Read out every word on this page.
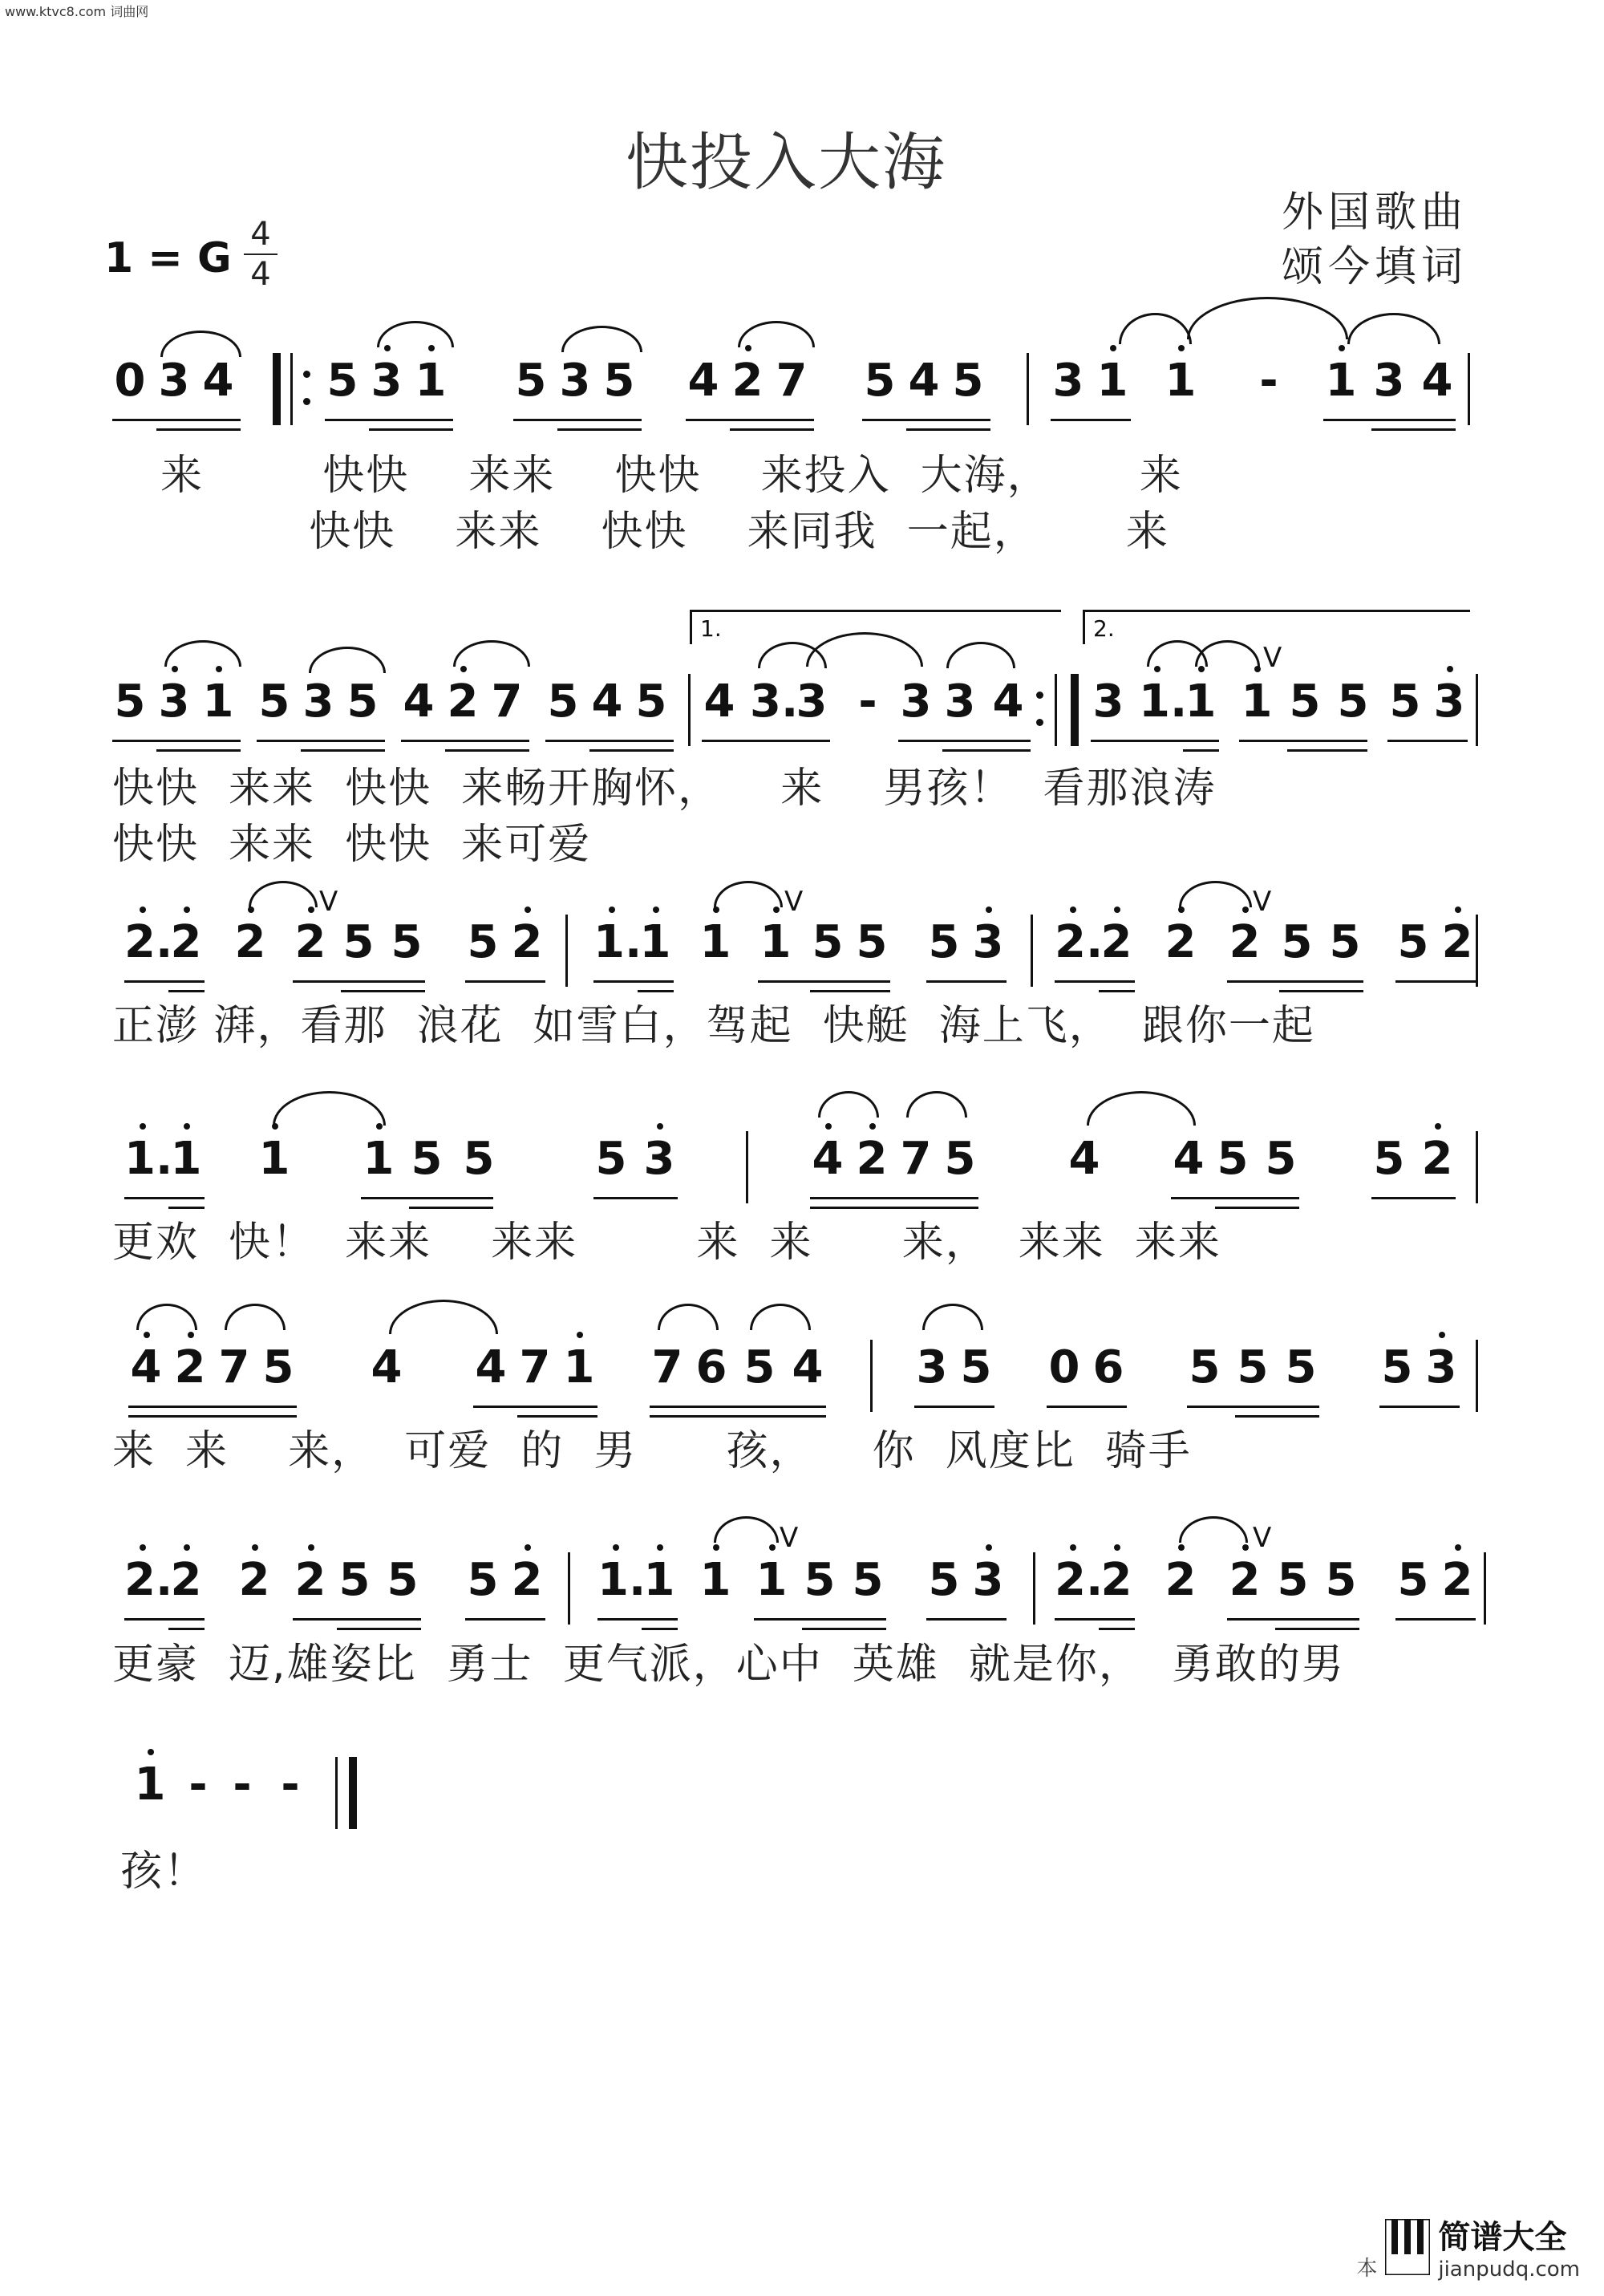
www.ktvc8.com 词曲网
快投入大海
外国歌曲
颂今填词
1 = G 4
4
0 3 4 5 3 1 5 3 5 4 2 7 5 4 5 3 1 1 - 1 3 4
来        快快    来来    快快    来投入  大海，      来
快快    来来    快快    来同我  一起，      来
1.	2.
5 3 1 5 3 5 4 2 7 5 4 5 4 3.
3 - 3 3 4 3 1.
1 1
V
5 5 5 3
快快  来来  快快  来畅开胸怀，    来    男孩！  看那浪涛
快快  来来  快快  来可爱
2.
2 2 2
V
5 5 5 2 1.
1 1 1
V
5 5 5 3 2.
2 2 2
V
5 5 5 2
正澎 湃，看那  浪花  如雪白，驾起  快艇  海上飞，  跟你一起
1.
1 1 1 5 5 5 3	4 2 7 5 4 4 5 5 5 2
更欢  快！  来来    来来        来  来      来，  来来  来来
4 2 7 5 4 4 7 1 7 6 5 4 3 5 0 6 5 5 5 5 3
来  来    来，  可爱  的  男      孩，    你  风度比  骑手
2.
2 2 2 5 5 5 2 1.
1 1 1
V
5 5 5 3 2.
2 2 2
V
5 5 5 2
更豪  迈,雄姿比  勇士  更气派，心中  英雄  就是你，  勇敢的男
1 - - -
孩！
本
简谱大全
jianpudq.com
